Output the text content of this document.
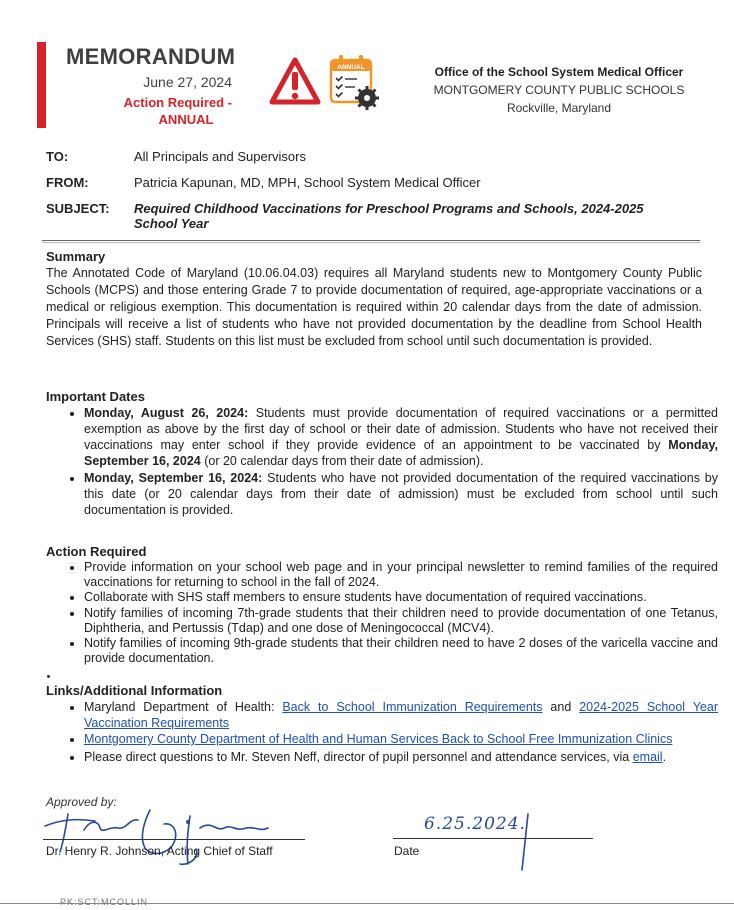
MEMORANDUM
June 27, 2024
Action Required -
ANNUAL
ANNUAL	Office of the School System Medical Officer
MONTGOMERY COUNTY PUBLIC SCHOOLS
Rockville, Maryland
TO:	All Principals and Supervisors
FROM:	Patricia Kapunan, MD, MPH, School System Medical Officer
SUBJECT: Required Childhood Vaccinations for Preschool Programs and Schools, 2024-2025 School Year
Summary
The Annotated Code of Maryland (10.06.04.03) requires all Maryland students new to Montgomery County Public Schools (MCPS) and those entering Grade 7 to provide documentation of required, age-appropriate vaccinations or a medical or religious exemption. This documentation is required within 20 calendar days from the date of admission. Principals will receive a list of students who have not provided documentation by the deadline from School Health Services (SHS) staff. Students on this list must be excluded from school until such documentation is provided.
Important Dates
• Monday, August 26, 2024: Students must provide documentation of required vaccinations or a permitted exemption as above by the first day of school or their date of admission. Students who have not received their vaccinations may enter school if they provide evidence of an appointment to be vaccinated by Monday, September 16, 2024 (or 20 calendar days from their date of admission).
• Monday, September 16, 2024: Students who have not provided documentation of the required vaccinations by this date (or 20 calendar days from their date of admission) must be excluded from school until such documentation is provided.
Action Required
• Provide information on your school web page and in your principal newsletter to remind families of the required vaccinations for returning to school in the fall of 2024.
• Collaborate with SHS staff members to ensure students have documentation of required vaccinations.
• Notify families of incoming 7th-grade students that their children need to provide documentation of one Tetanus, Diphtheria, and Pertussis (Tdap) and one dose of Meningococcal (MCV4).
• Notify families of incoming 9th-grade students that their children need to have 2 doses of the varicella vaccine and provide documentation.
Links/Additional Information
• Maryland Department of Health: Back to School Immunization Requirements and 2024-2025 School Year Vaccination Requirements
• Montgomery County Department of Health and Human Services Back to School Free Immunization Clinics
• Please direct questions to Mr. Steven Neff, director of pupil personnel and attendance services, via email.
Approved by:
Dr. Henry R. Johnson, Acting Chief of Staff
6.25.2024.
Date
PK:SCT:MCOLLIN
